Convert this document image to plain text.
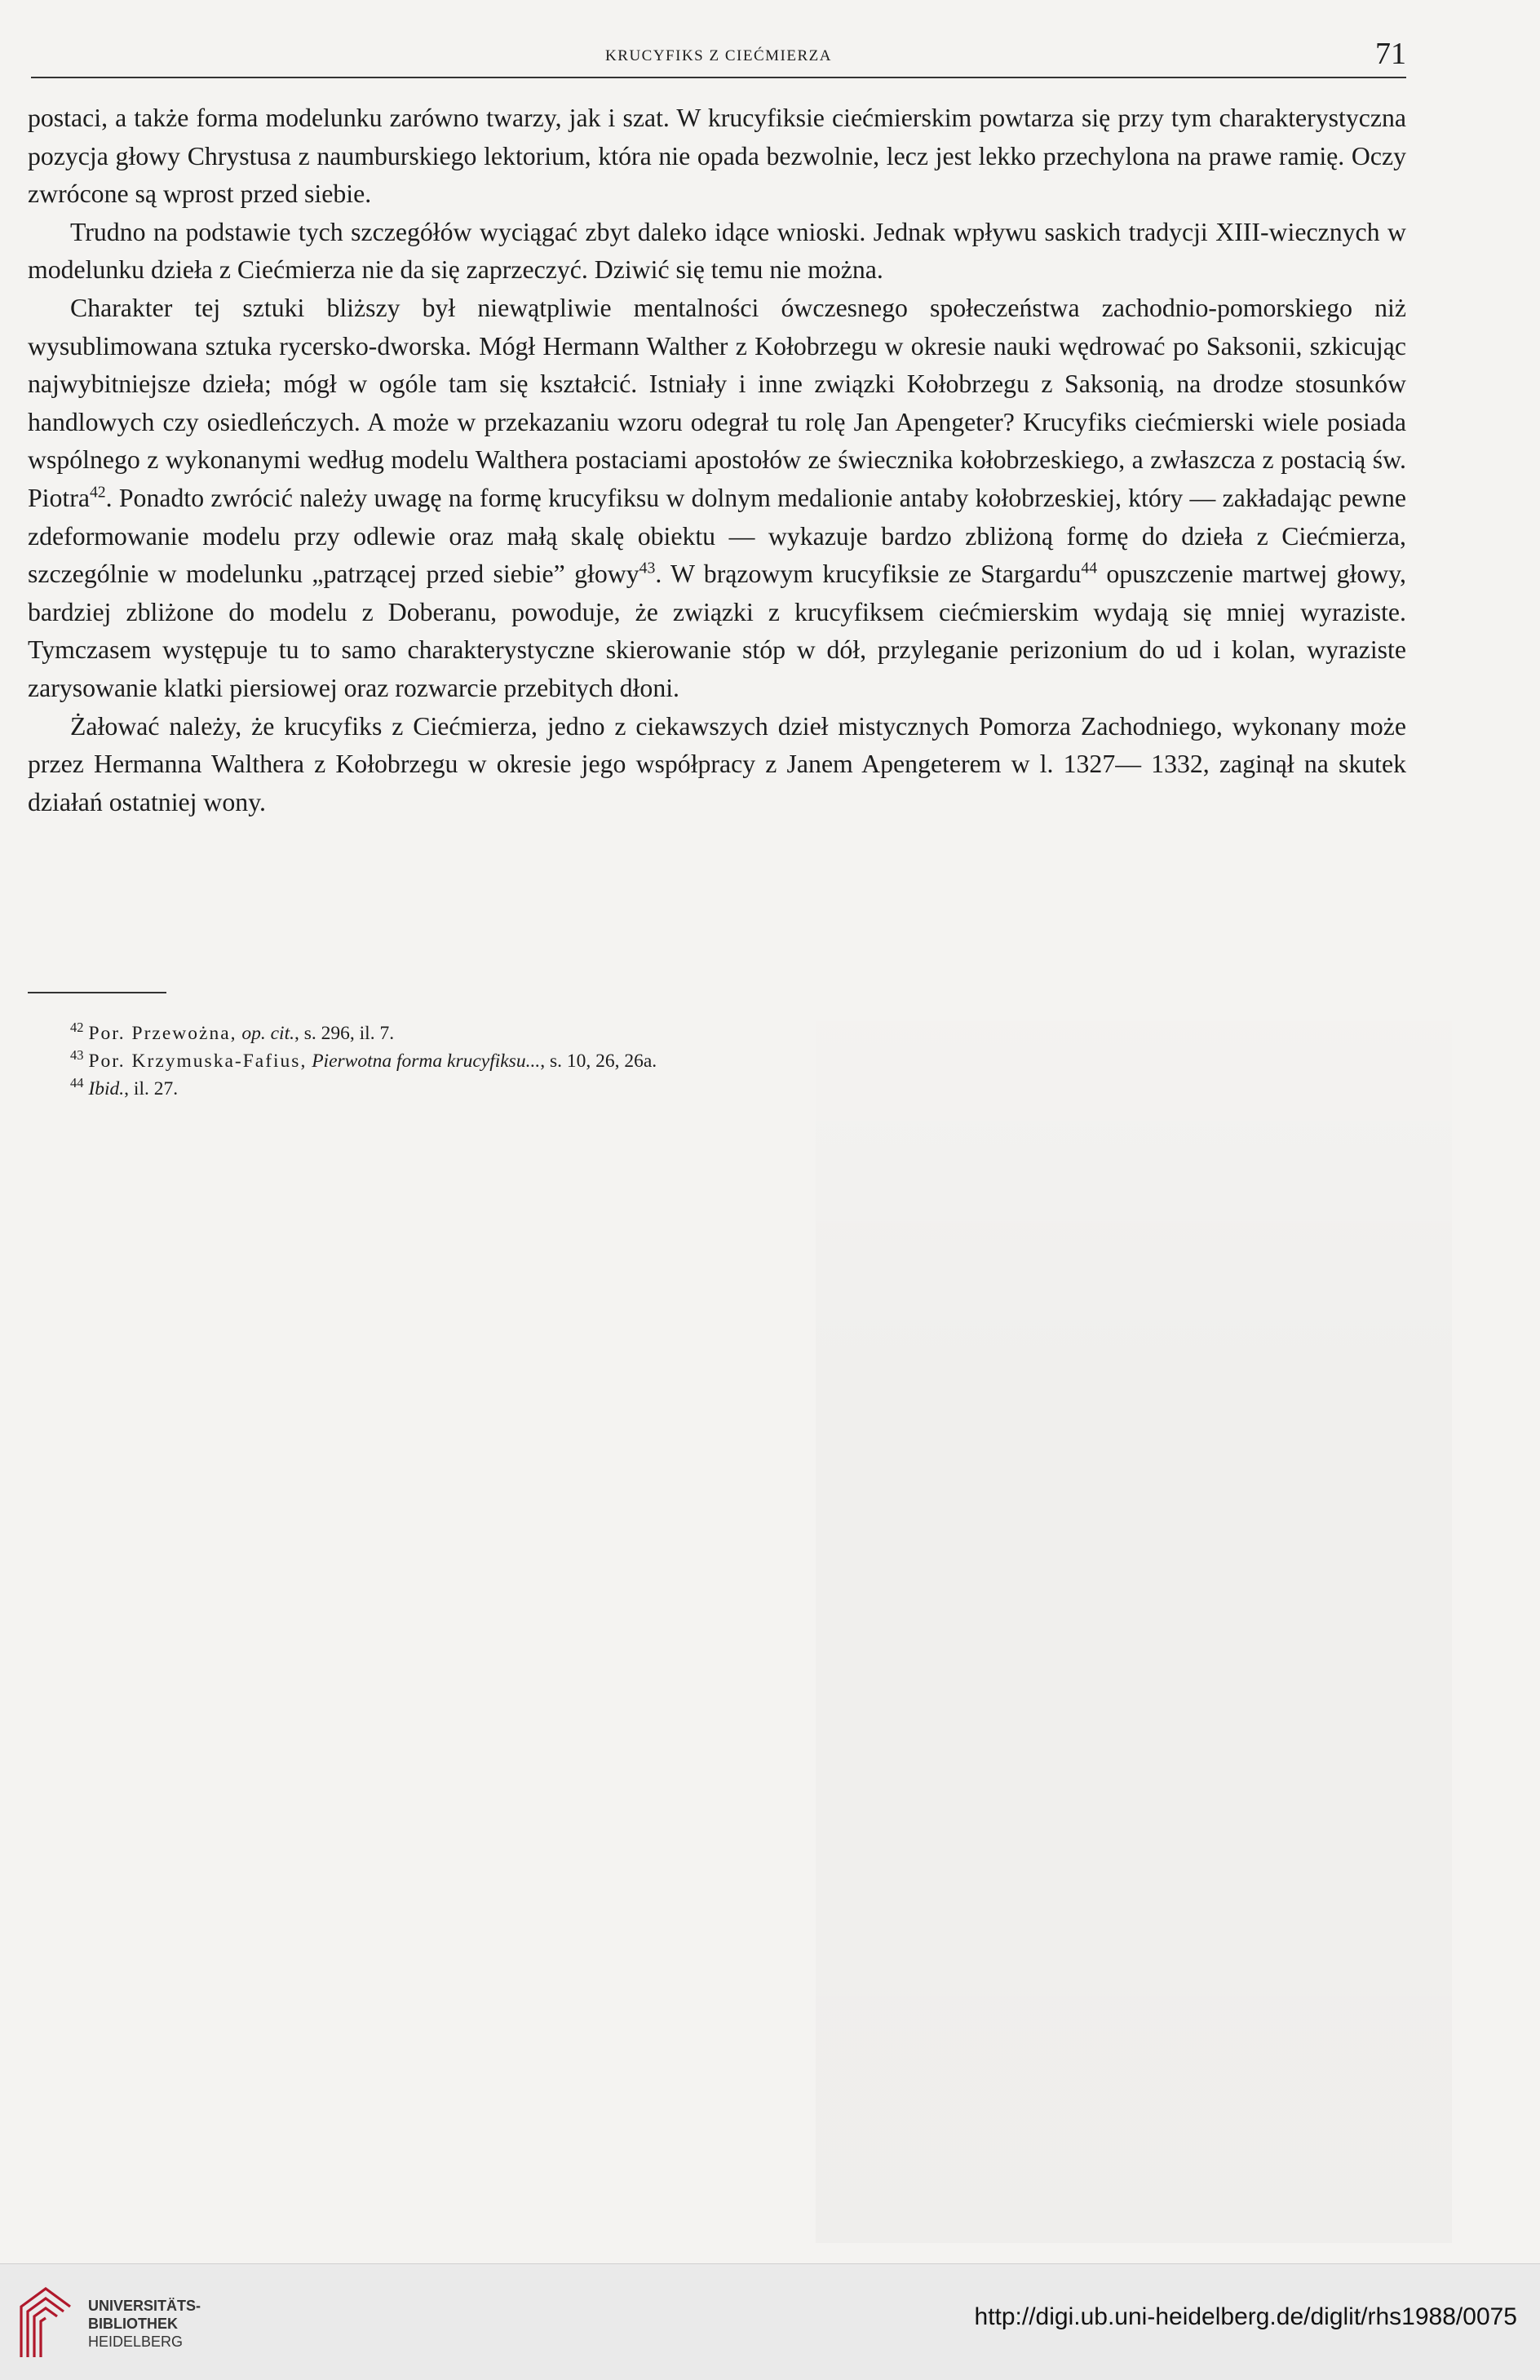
KRUCYFIKS Z CIEĆMIERZA	71

postaci, a także forma modelunku zarówno twarzy, jak i szat. W krucyfiksie ciećmierskim powtarza się przy tym charakterystyczna pozycja głowy Chrystusa z naumburskiego lektorium, która nie opada bezwolnie, lecz jest lekko przechylona na prawe ramię. Oczy zwrócone są wprost przed siebie.

Trudno na podstawie tych szczegółów wyciągać zbyt daleko idące wnioski. Jednak wpływu saskich tradycji XIII-wiecznych w modelunku dzieła z Ciećmierza nie da się zaprzeczyć. Dziwić się temu nie można.

Charakter tej sztuki bliższy był niewątpliwie mentalności ówczesnego społeczeństwa zachodnio-pomorskiego niż wysublimowana sztuka rycersko-dworska. Mógł Hermann Walther z Kołobrzegu w okresie nauki wędrować po Saksonii, szkicując najwybitniejsze dzieła; mógł w ogóle tam się kształcić. Istniały i inne związki Kołobrzegu z Saksonią, na drodze stosunków handlowych czy osiedleńczych. A może w przekazaniu wzoru odegrał tu rolę Jan Apengeter? Krucyfiks ciećmierski wiele posiada wspólnego z wykonanymi według modelu Walthera postaciami apostołów ze świecznika kołobrzeskiego, a zwłaszcza z postacią św. Piotra$^{42}$. Ponadto zwrócić należy uwagę na formę krucyfiksu w dolnym medalionie antaby kołobrzeskiej, który — zakładając pewne zdeformowanie modelu przy odlewie oraz małą skalę obiektu — wykazuje bardzo zbliżoną formę do dzieła z Ciećmierza, szczególnie w modelunku „patrzącej przed siebie” głowy$^{43}$. W brązowym krucyfiksie ze Stargardu$^{44}$ opuszczenie martwej głowy, bardziej zbliżone do modelu z Doberanu, powoduje, że związki z krucyfiksem ciećmierskim wydają się mniej wyraziste. Tymczasem występuje tu to samo charakterystyczne skierowanie stóp w dół, przyleganie perizonium do ud i kolan, wyraziste zarysowanie klatki piersiowej oraz rozwarcie przebitych dłoni.

Żałować należy, że krucyfiks z Ciećmierza, jedno z ciekawszych dzieł mistycznych Pomorza Zachodniego, wykonany może przez Hermanna Walthera z Kołobrzegu w okresie jego współpracy z Janem Apengeterem w l. 1327— 1332, zaginął na skutek działań ostatniej wony.

$^{42}$ Por. Przewożna, op. cit., s. 296, il. 7.

$^{43}$ Por. Krzymuska-Fafius, Pierwotna forma krucyfiksu..., s. 10, 26, 26a.

$^{44}$ Ibid., il. 27.

UNIVERSITÄTS-
BIBLIOTHEK
HEIDELBERG
http://digi.ub.uni-heidelberg.de/diglit/rhs1988/0075
